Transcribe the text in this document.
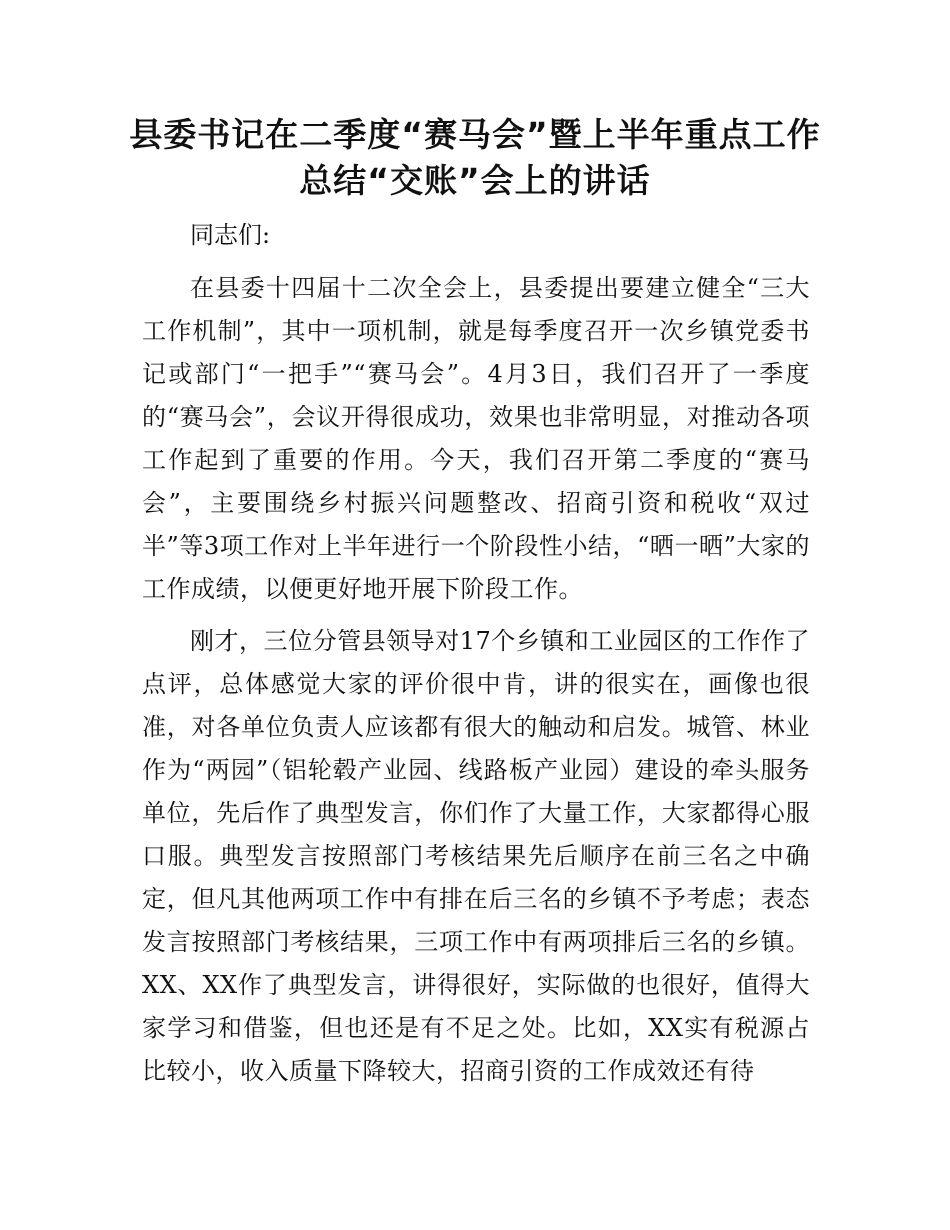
县委书记在二季度“赛马会”暨上半年重点工作总结“交账”会上的讲话

同志们:

在县委十四届十二次全会上，县委提出要建立健全“三大工作机制”，其中一项机制，就是每季度召开一次乡镇党委书记或部门“一把手”“赛马会”。4月3日，我们召开了一季度的“赛马会”，会议开得很成功，效果也非常明显，对推动各项工作起到了重要的作用。今天，我们召开第二季度的“赛马会”，主要围绕乡村振兴问题整改、招商引资和税收“双过半”等3项工作对上半年进行一个阶段性小结，“晒一晒”大家的工作成绩，以便更好地开展下阶段工作。

刚才，三位分管县领导对17个乡镇和工业园区的工作作了点评，总体感觉大家的评价很中肯，讲的很实在，画像也很准，对各单位负责人应该都有很大的触动和启发。城管、林业作为“两园”（铝轮毂产业园、线路板产业园）建设的牵头服务单位，先后作了典型发言，你们作了大量工作，大家都得心服口服。典型发言按照部门考核结果先后顺序在前三名之中确定，但凡其他两项工作中有排在后三名的乡镇不予考虑；表态发言按照部门考核结果，三项工作中有两项排后三名的乡镇。XX、XX作了典型发言，讲得很好，实际做的也很好，值得大家学习和借鉴，但也还是有不足之处。比如，XX实有税源占比较小，收入质量下降较大，招商引资的工作成效还有待
